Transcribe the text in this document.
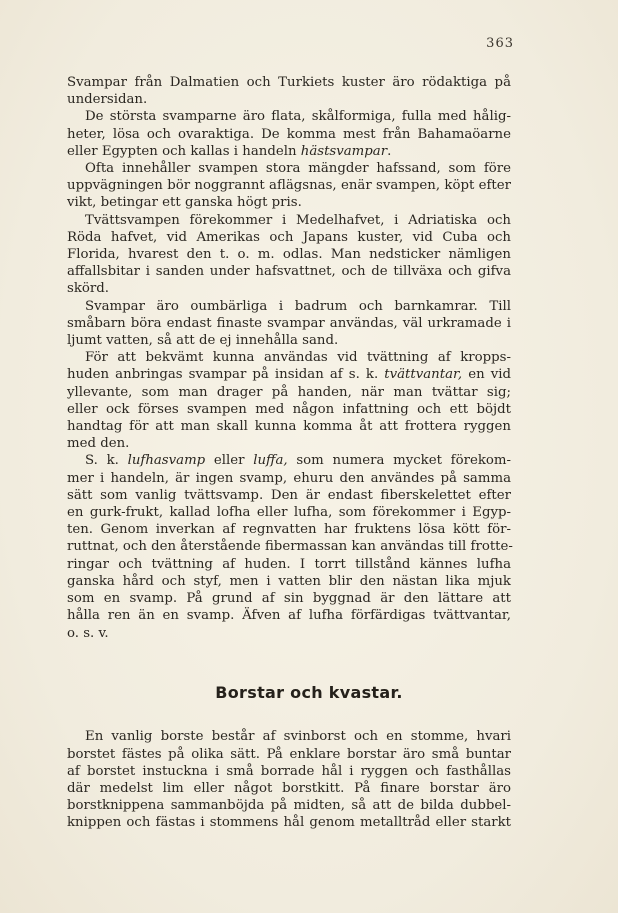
363

Svampar från Dalmatien och Turkiets kuster äro rödaktiga på
undersidan.

De största svamparne äro flata, skålformiga, fulla med hålig-
heter, lösa och ovaraktiga. De komma mest från Bahamaöarne
eller Egypten och kallas i handeln hästsvampar.

Ofta innehåller svampen stora mängder hafssand, som före
uppvägningen bör noggrannt aflägsnas, enär svampen, köpt efter
vikt, betingar ett ganska högt pris.

Tvättsvampen förekommer i Medelhafvet, i Adriatiska och
Röda hafvet, vid Amerikas och Japans kuster, vid Cuba och
Florida, hvarest den t. o. m. odlas. Man nedsticker nämligen
affallsbitar i sanden under hafsvattnet, och de tillväxa och gifva
skörd.

Svampar äro oumbärliga i badrum och barnkamrar. Till
småbarn böra endast finaste svampar användas, väl urkramade i
ljumt vatten, så att de ej innehålla sand.

För att bekvämt kunna användas vid tvättning af kropps-
huden anbringas svampar på insidan af s. k. tvättvantar, en vid
yllevante, som man drager på handen, när man tvättar sig;
eller ock förses svampen med någon infattning och ett böjdt
handtag för att man skall kunna komma åt att frottera ryggen
med den.

S. k. lufhasvamp eller luffa, som numera mycket förekom-
mer i handeln, är ingen svamp, ehuru den användes på samma
sätt som vanlig tvättsvamp. Den är endast fiberskelettet efter
en gurk-frukt, kallad lofha eller lufha, som förekommer i Egyp-
ten. Genom inverkan af regnvatten har fruktens lösa kött för-
ruttnat, och den återstående fibermassan kan användas till frotte-
ringar och tvättning af huden. I torrt tillstånd kännes lufha
ganska hård och styf, men i vatten blir den nästan lika mjuk
som en svamp. På grund af sin byggnad är den lättare att
hålla ren än en svamp. Äfven af lufha förfärdigas tvättvantar,
o. s. v.

Borstar och kvastar.

En vanlig borste består af svinborst och en stomme, hvari
borstet fästes på olika sätt. På enklare borstar äro små buntar
af borstet instuckna i små borrade hål i ryggen och fasthållas
där medelst lim eller något borstkitt. På finare borstar äro
borstknippena sammanböjda på midten, så att de bilda dubbel-
knippen och fästas i stommens hål genom metalltråd eller starkt
